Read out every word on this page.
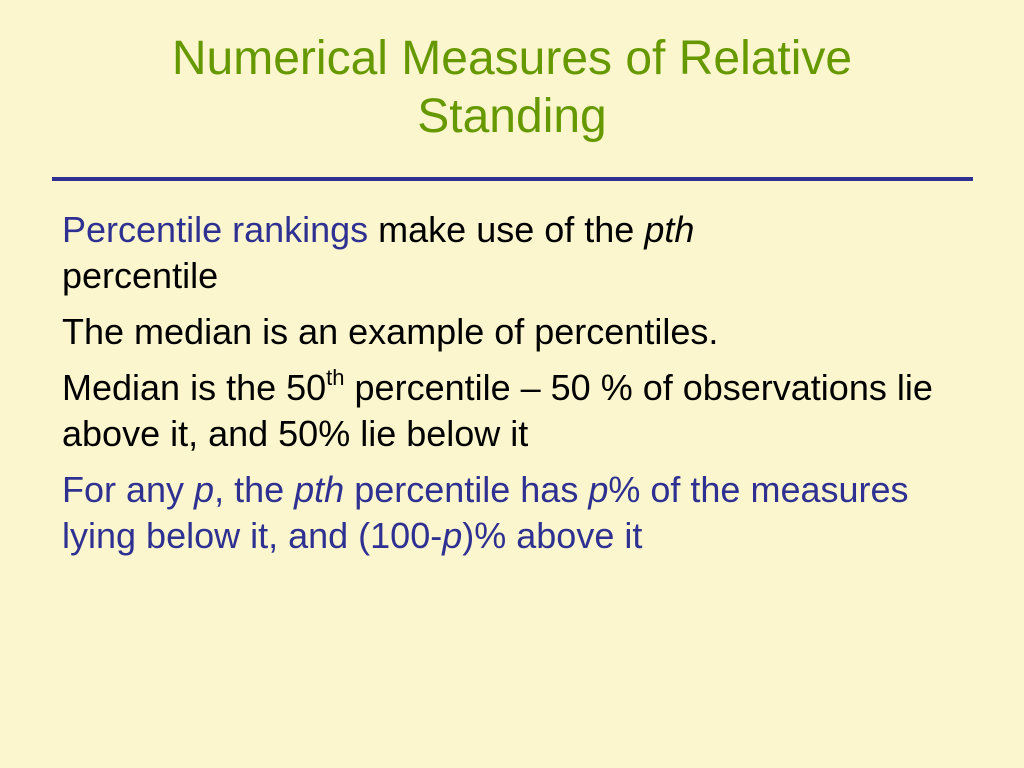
Numerical Measures of Relative
Standing
Percentile rankings make use of the pth
percentile
The median is an example of percentiles.
Median is the 50th percentile – 50 % of observations lie above it, and 50% lie below it
For any p, the pth percentile has p% of the measures lying below it, and (100-p)% above it
